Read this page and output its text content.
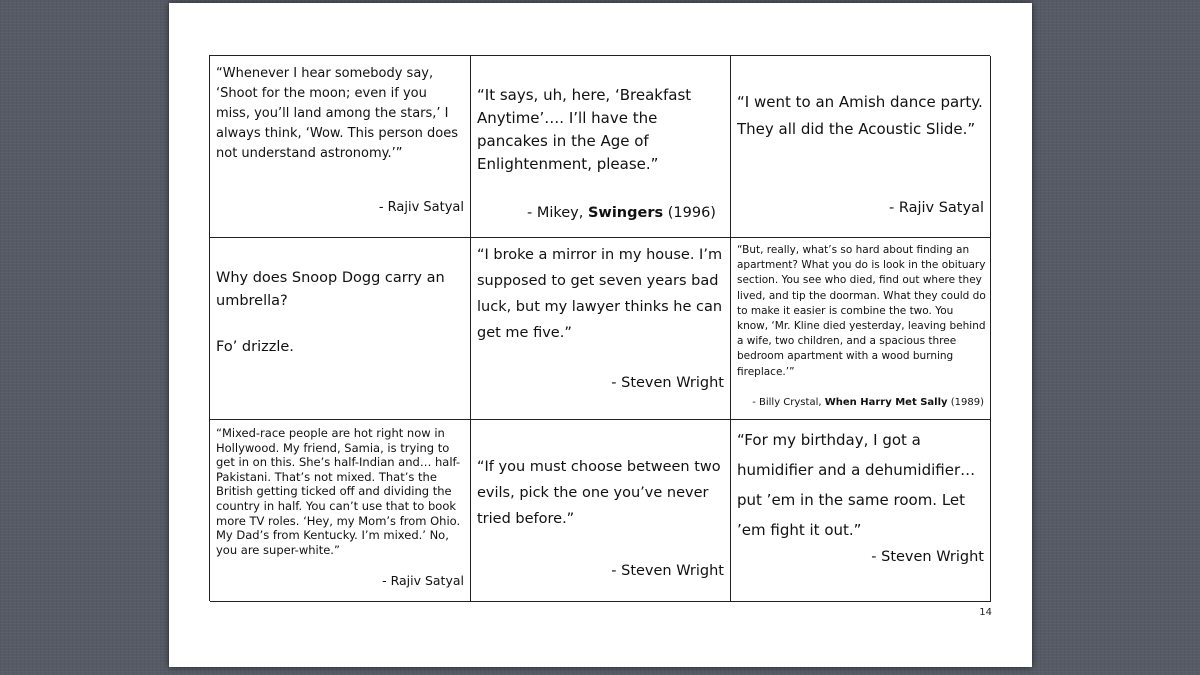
“Whenever I hear somebody say, ‘Shoot for the moon; even if you miss, you’ll land among the stars,’ I always think, ‘Wow. This person does not understand astronomy.’”

- Rajiv Satyal

“It says, uh, here, ‘Breakfast Anytime’…. I’ll have the pancakes in the Age of Enlightenment, please.”

- Mikey, Swingers (1996)

“I went to an Amish dance party. They all did the Acoustic Slide.”

- Rajiv Satyal

Why does Snoop Dogg carry an umbrella?

Fo’ drizzle.

“I broke a mirror in my house. I’m supposed to get seven years bad luck, but my lawyer thinks he can get me five.”

- Steven Wright

“But, really, what’s so hard about finding an apartment? What you do is look in the obituary section. You see who died, find out where they lived, and tip the doorman. What they could do to make it easier is combine the two. You know, ‘Mr. Kline died yesterday, leaving behind a wife, two children, and a spacious three bedroom apartment with a wood burning fireplace.’”

- Billy Crystal, When Harry Met Sally (1989)

“Mixed-race people are hot right now in Hollywood. My friend, Samia, is trying to get in on this. She’s half-Indian and… half-Pakistani. That’s not mixed. That’s the British getting ticked off and dividing the country in half. You can’t use that to book more TV roles. ‘Hey, my Mom’s from Ohio. My Dad’s from Kentucky. I’m mixed.’ No, you are super-white.”

- Rajiv Satyal

“If you must choose between two evils, pick the one you’ve never tried before.”

- Steven Wright

“For my birthday, I got a humidifier and a dehumidifier… put ’em in the same room. Let ’em fight it out.”

- Steven Wright

14
